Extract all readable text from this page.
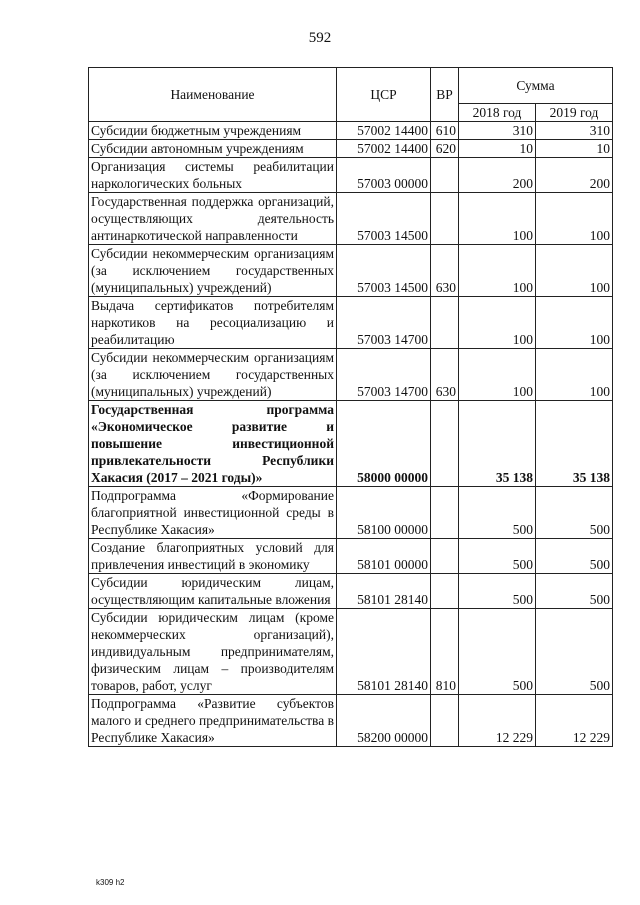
592
Наименование	ЦСР	ВР	Сумма	
			2018 год	2019 год
Субсидии бюджетным учреждениям	57002 14400	610	310	310
Субсидии автономным учреждениям	57002 14400	620	10	10
Организация системы реабилитации наркологических больных	57003 00000		200	200
Государственная поддержка организаций, осуществляющих деятельность антинаркотической направленности	57003 14500		100	100
Субсидии некоммерческим организациям (за исключением государственных (муниципальных) учреждений)	57003 14500	630	100	100
Выдача сертификатов потребителям наркотиков на ресоциализацию и реабилитацию	57003 14700		100	100
Субсидии некоммерческим организациям (за исключением государственных (муниципальных) учреждений)	57003 14700	630	100	100
Государственная программа «Экономическое развитие и повышение инвестиционной привлекательности Республики Хакасия (2017 – 2021 годы)»	58000 00000		35 138	35 138
Подпрограмма «Формирование благоприятной инвестиционной среды в Республике Хакасия»	58100 00000		500	500
Создание благоприятных условий для привлечения инвестиций в экономику	58101 00000		500	500
Субсидии юридическим лицам, осуществляющим капитальные вложения	58101 28140		500	500
Субсидии юридическим лицам (кроме некоммерческих организаций), индивидуальным предпринимателям, физическим лицам – производителям товаров, работ, услуг	58101 28140	810	500	500
Подпрограмма «Развитие субъектов малого и среднего предпринимательства в Республике Хакасия»	58200 00000		12 229	12 229
k309 h2
